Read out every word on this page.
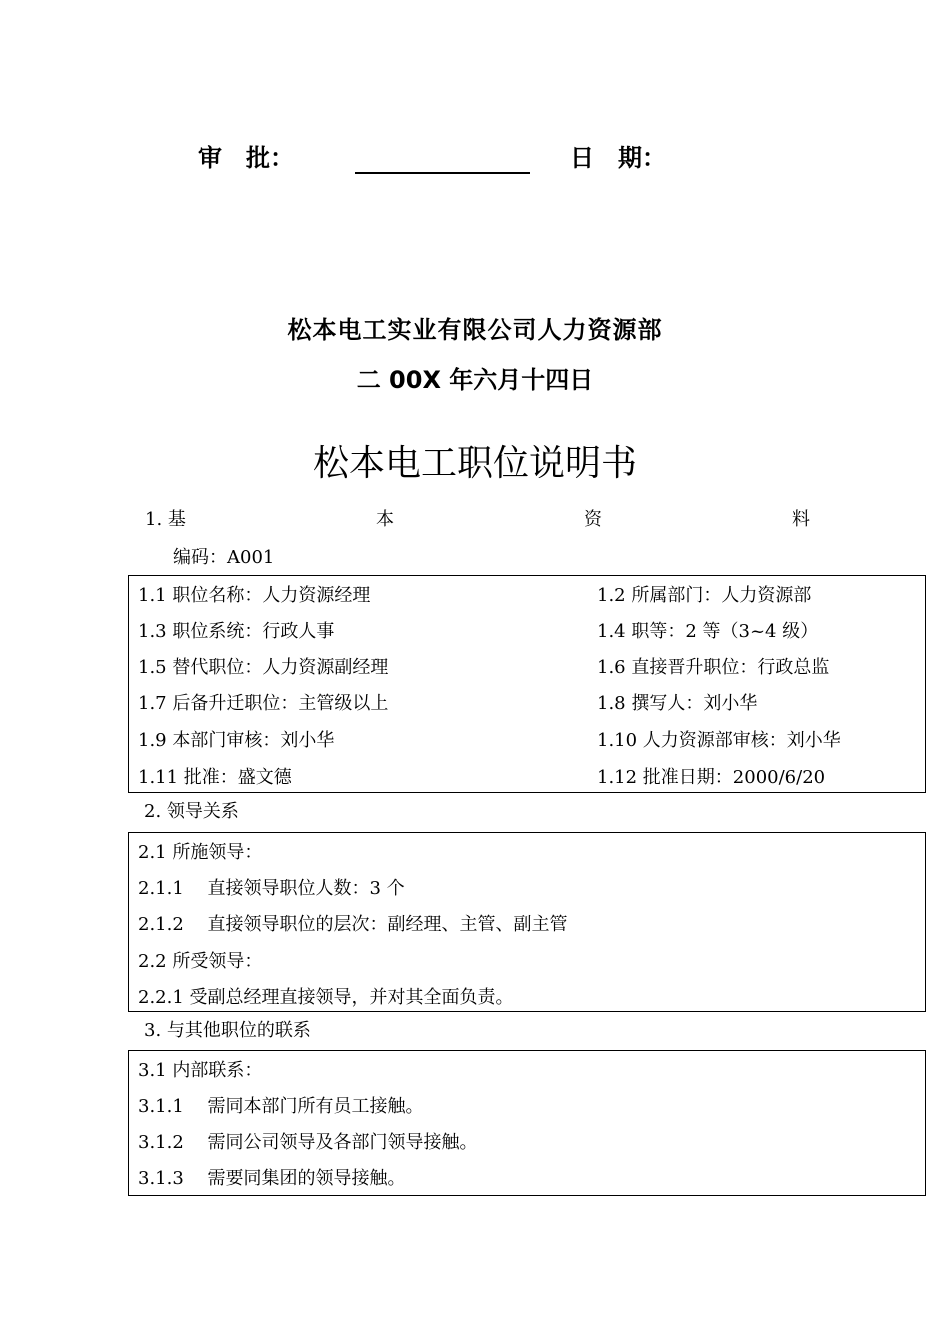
审　批：	日　期：
松本电工实业有限公司人力资源部
二 00X 年六月十四日
松本电工职位说明书
1. 基	本	资	料
编码：A001
1.1 职位名称：人力资源经理	1.2 所属部门：人力资源部
1.3 职位系统：行政人事	1.4 职等：2 等（3~4 级）
1.5 替代职位：人力资源副经理	1.6 直接晋升职位：行政总监
1.7 后备升迁职位：主管级以上	1.8 撰写人：刘小华
1.9 本部门审核：刘小华	1.10 人力资源部审核：刘小华
1.11 批准：盛文德	1.12 批准日期：2000/6/20
2. 领导关系
2.1 所施领导：
2.1.1　 直接领导职位人数：3 个
2.1.2　 直接领导职位的层次：副经理、主管、副主管
2.2 所受领导：
2.2.1 受副总经理直接领导，并对其全面负责。
3. 与其他职位的联系
3.1 内部联系：
3.1.1　 需同本部门所有员工接触。
3.1.2　 需同公司领导及各部门领导接触。
3.1.3　 需要同集团的领导接触。
